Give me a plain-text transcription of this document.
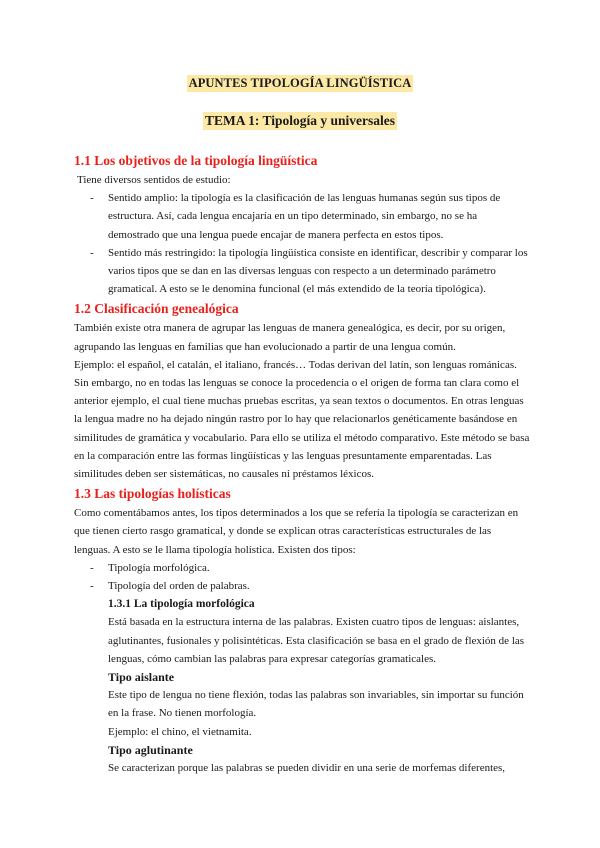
APUNTES TIPOLOGÍA LINGÜÍSTICA
TEMA 1: Tipología y universales
1.1 Los objetivos de la tipología lingüística

Tiene diversos sentidos de estudio:

- Sentido amplio: la tipología es la clasificación de las lenguas humanas según sus tipos de estructura. Así, cada lengua encajaría en un tipo determinado, sin embargo, no se ha demostrado que una lengua puede encajar de manera perfecta en estos tipos.
- Sentido más restringido: la tipología lingüística consiste en identificar, describir y comparar los varios tipos que se dan en las diversas lenguas con respecto a un determinado parámetro gramatical. A esto se le denomina funcional (el más extendido de la teoría tipológica).
1.2 Clasificación genealógica

También existe otra manera de agrupar las lenguas de manera genealógica, es decir, por su origen, agrupando las lenguas en familias que han evolucionado a partir de una lengua común.

Ejemplo: el español, el catalán, el italiano, francés… Todas derivan del latín, son lenguas románicas. Sin embargo, no en todas las lenguas se conoce la procedencia o el origen de forma tan clara como el anterior ejemplo, el cual tiene muchas pruebas escritas, ya sean textos o documentos. En otras lenguas la lengua madre no ha dejado ningún rastro por lo hay que relacionarlos genéticamente basándose en similitudes de gramática y vocabulario. Para ello se utiliza el método comparativo. Este método se basa en la comparación entre las formas lingüísticas y las lenguas presuntamente emparentadas. Las similitudes deben ser sistemáticas, no causales ni préstamos léxicos.

1.3 Las tipologías holísticas

Como comentábamos antes, los tipos determinados a los que se refería la tipología se caracterizan en que tienen cierto rasgo gramatical, y donde se explican otras características estructurales de las lenguas. A esto se le llama tipología holística. Existen dos tipos:

- Tipología morfológica.
- Tipología del orden de palabras.
1.3.1 La tipología morfológica

Está basada en la estructura interna de las palabras. Existen cuatro tipos de lenguas: aislantes, aglutinantes, fusionales y polisintéticas. Esta clasificación se basa en el grado de flexión de las lenguas, cómo cambian las palabras para expresar categorías gramaticales.

Tipo aislante

Este tipo de lengua no tiene flexión, todas las palabras son invariables, sin importar su función en la frase. No tienen morfología.

Ejemplo: el chino, el vietnamita.

Tipo aglutinante

Se caracterizan porque las palabras se pueden dividir en una serie de morfemas diferentes,
